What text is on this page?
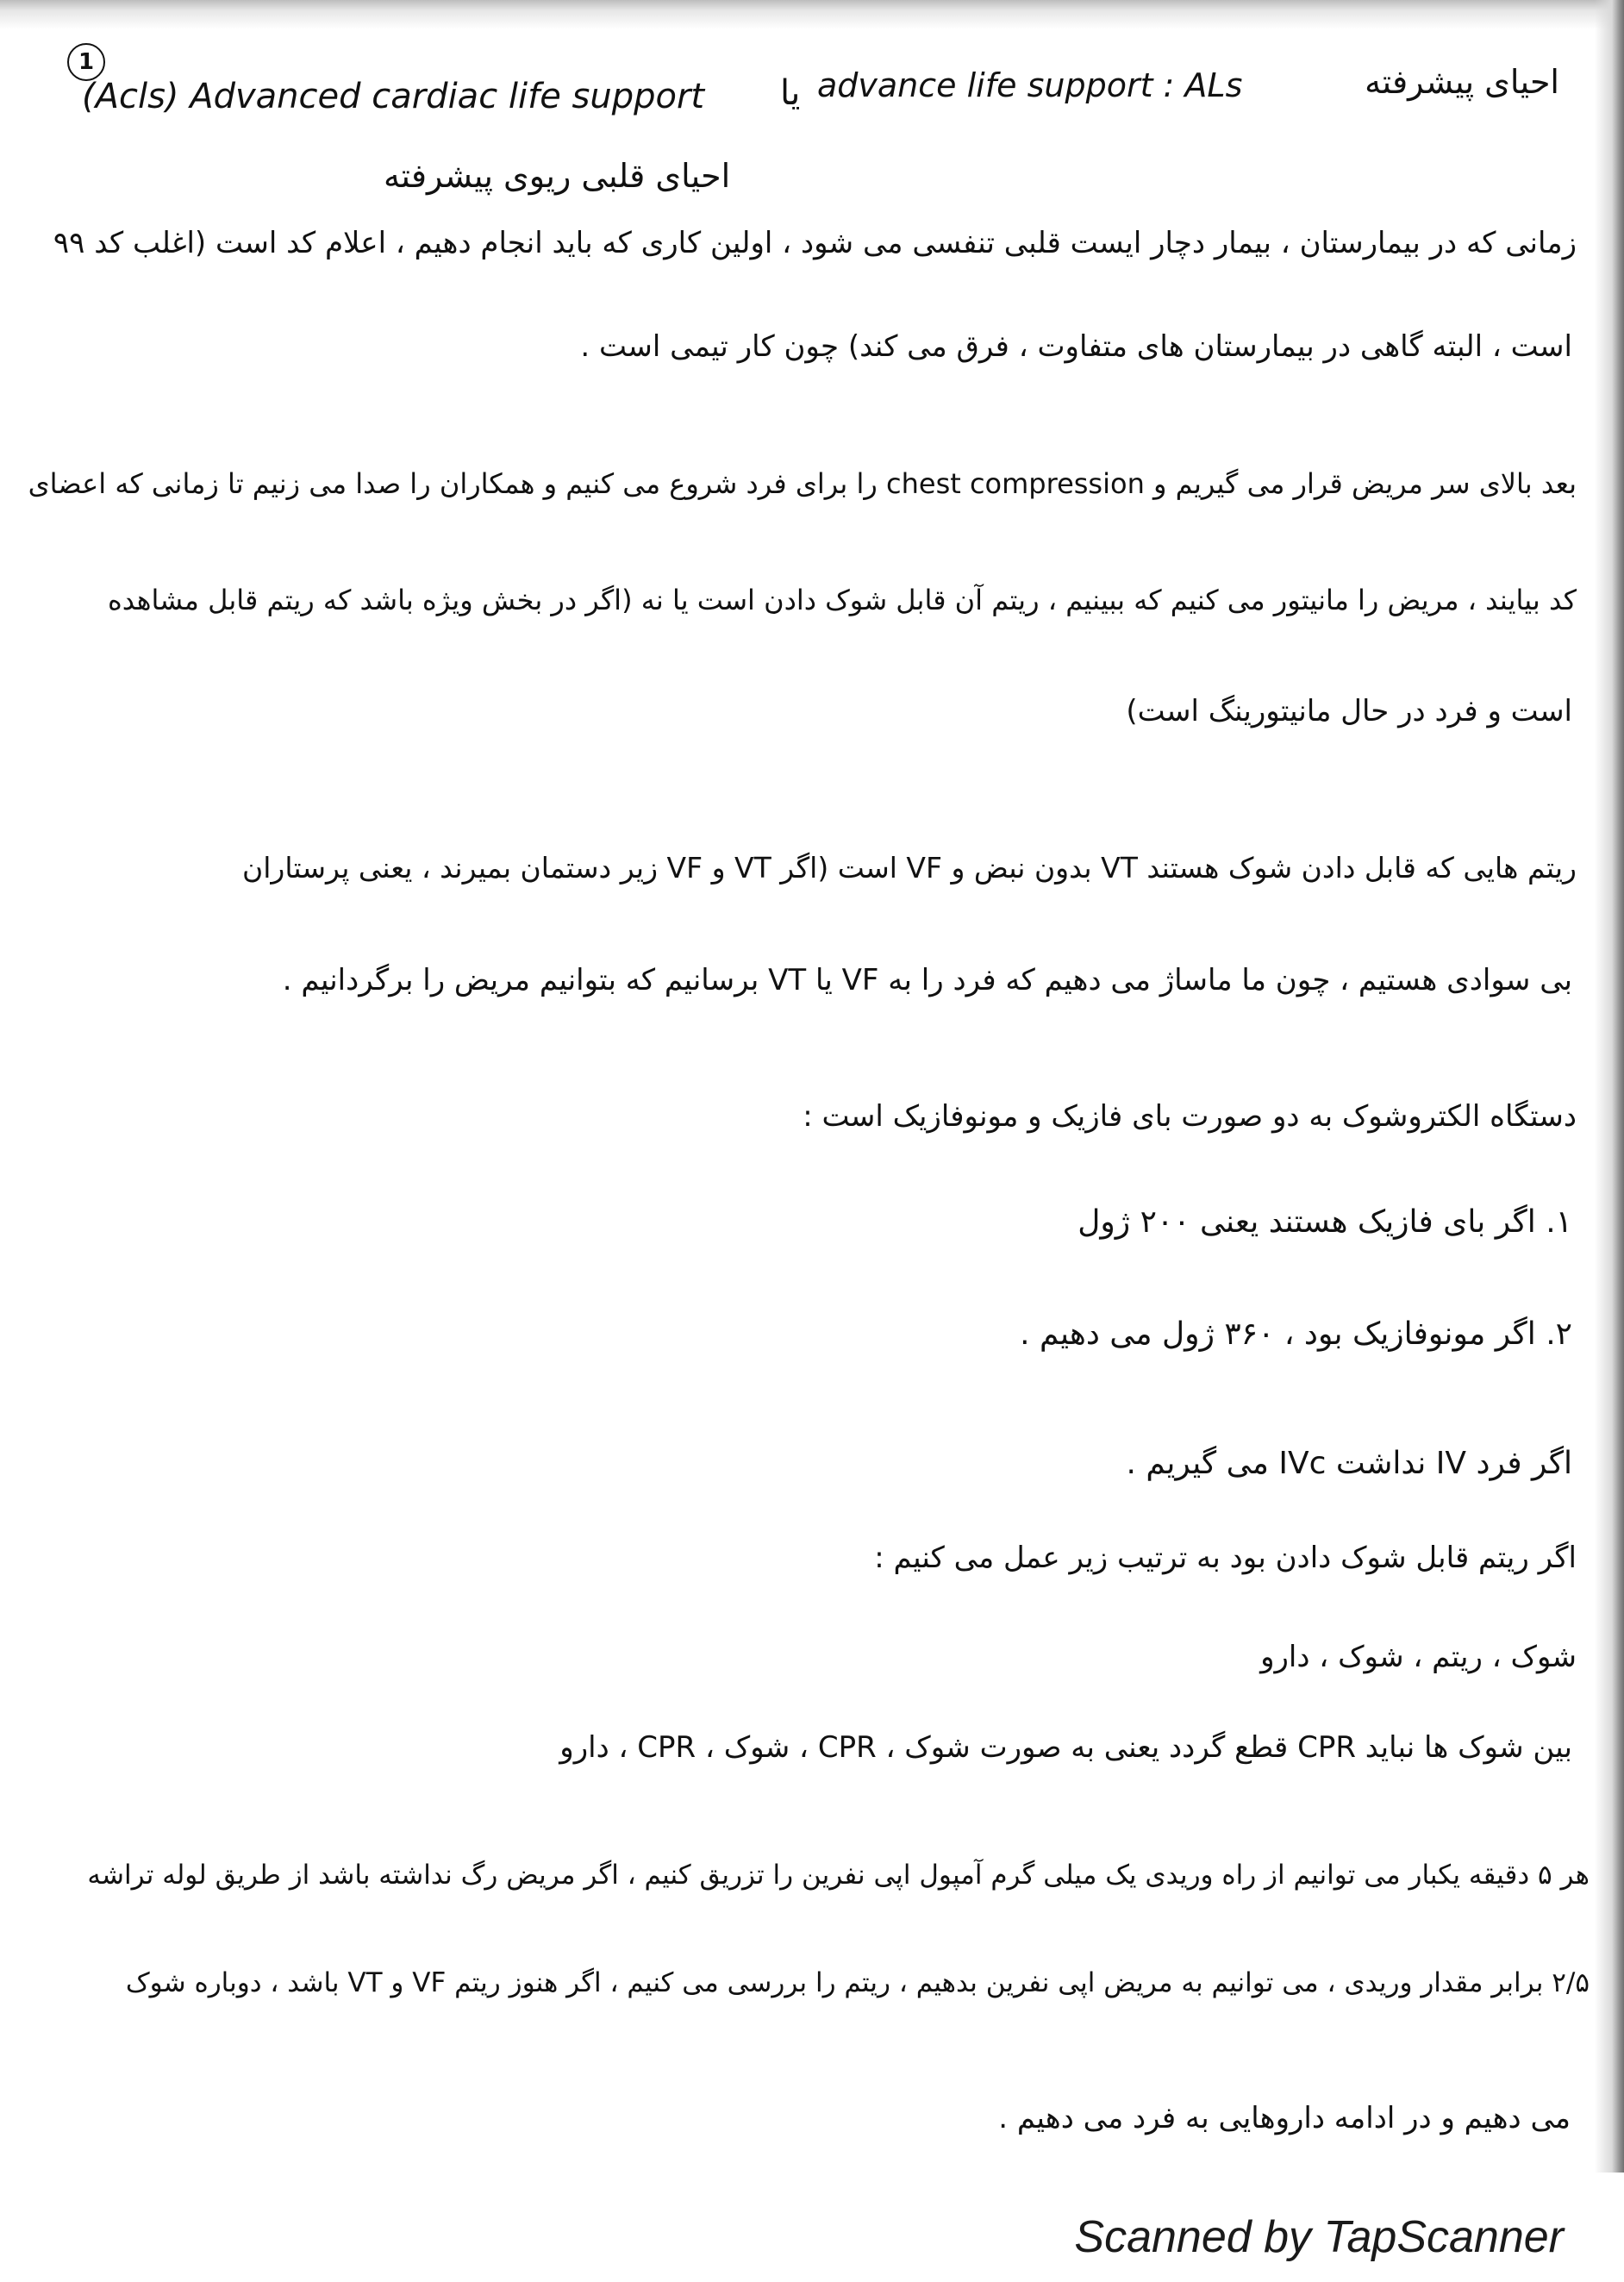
1
(Acls) Advanced cardiac life support یا advance life support : ALs	احیای پیشرفته
احیای قلبی ریوی پیشرفته
زمانی که در بیمارستان ، بیمار دچار ایست قلبی تنفسی می شود ، اولین کاری که باید انجام دهیم ، اعلام کد است (اغلب کد ۹۹
است ، البته گاهی در بیمارستان های متفاوت ، فرق می کند) چون کار تیمی است .
بعد بالای سر مریض قرار می گیریم و chest compression را برای فرد شروع می کنیم و همکاران را صدا می زنیم تا زمانی که اعضای
کد بیایند ، مریض را مانیتور می کنیم که ببینیم ، ریتم آن قابل شوک دادن است یا نه (اگر در بخش ویژه باشد که ریتم قابل مشاهده
است و فرد در حال مانیتورینگ است)
ریتم هایی که قابل دادن شوک هستند VT بدون نبض و VF است (اگر VT و VF زیر دستمان بمیرند ، یعنی پرستاران
بی سوادی هستیم ، چون ما ماساژ می دهیم که فرد را به VF یا VT برسانیم که بتوانیم مریض را برگردانیم .
دستگاه الکتروشوک به دو صورت بای فازیک و مونوفازیک است :
۱. اگر بای فازیک هستند یعنی ۲۰۰ ژول
۲. اگر مونوفازیک بود ، ۳۶۰ ژول می دهیم .
اگر فرد IV نداشت IVc می گیریم .
اگر ریتم قابل شوک دادن بود به ترتیب زیر عمل می کنیم :
شوک ، ریتم ، شوک ، دارو
بین شوک ها نباید CPR قطع گردد یعنی به صورت شوک ، CPR ، شوک ، CPR ، دارو
هر ۵ دقیقه یکبار می توانیم از راه وریدی یک میلی گرم آمپول اپی نفرین را تزریق کنیم ، اگر مریض رگ نداشته باشد از طریق لوله تراشه
۲/۵ برابر مقدار وریدی ، می توانیم به مریض اپی نفرین بدهیم ، ریتم را بررسی می کنیم ، اگر هنوز ریتم VF و VT باشد ، دوباره شوک
می دهیم و در ادامه داروهایی به فرد می دهیم .
Scanned by TapScanner
